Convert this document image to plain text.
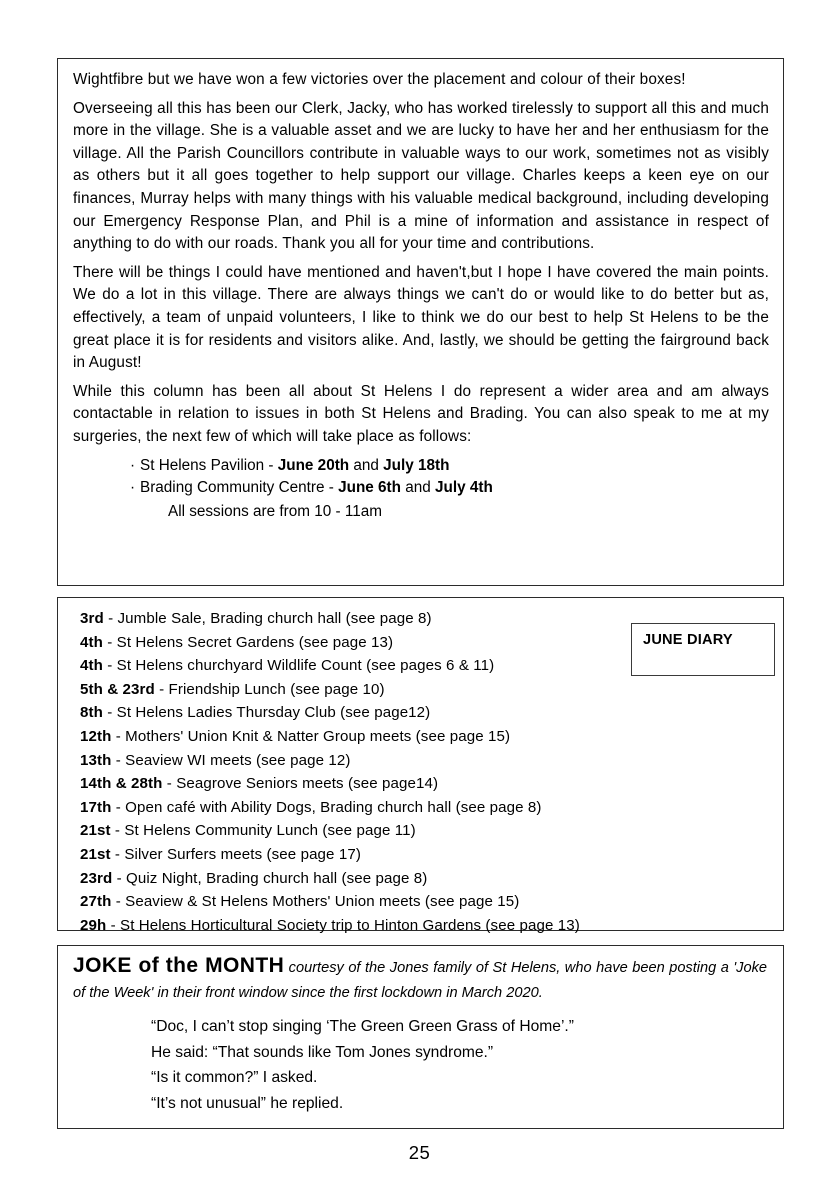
Wightfibre but we have won a few victories over the placement and colour of their boxes!

Overseeing all this has been our Clerk, Jacky, who has worked tirelessly to support all this and much more in the village. She is a valuable asset and we are lucky to have her and her enthusiasm for the village. All the Parish Councillors contribute in valuable ways to our work, sometimes not as visibly as others but it all goes together to help support our village. Charles keeps a keen eye on our finances, Murray helps with many things with his valuable medical background, including developing our Emergency Response Plan, and Phil is a mine of information and assistance in respect of anything to do with our roads. Thank you all for your time and contributions.

There will be things I could have mentioned and haven't,but I hope I have covered the main points. We do a lot in this village. There are always things we can't do or would like to do better but as, effectively, a team of unpaid volunteers, I like to think we do our best to help St Helens to be the great place it is for residents and visitors alike. And, lastly, we should be getting the fairground back in August!

While this column has been all about St Helens I do represent a wider area and am always contactable in relation to issues in both St Helens and Brading. You can also speak to me at my surgeries, the next few of which will take place as follows:

· St Helens Pavilion - June 20th and July 18th
· Brading Community Centre - June 6th and July 4th
All sessions are from 10 - 11am
3rd - Jumble Sale, Brading church hall (see page 8)
4th - St Helens Secret Gardens (see page 13)
4th - St Helens churchyard Wildlife Count (see pages 6 & 11)
5th & 23rd - Friendship Lunch (see page 10)
8th - St Helens Ladies Thursday Club (see page12)
12th - Mothers' Union Knit & Natter Group meets (see page 15)
13th - Seaview WI meets (see page 12)
14th & 28th - Seagrove Seniors meets (see page14)
17th - Open café with Ability Dogs, Brading church hall (see page 8)
21st - St Helens Community Lunch (see page 11)
21st - Silver Surfers meets (see page 17)
23rd - Quiz Night, Brading church hall (see page 8)
27th - Seaview & St Helens Mothers' Union meets (see page 15)
29h - St Helens Horticultural Society trip to Hinton Gardens (see page 13)
JUNE DIARY

JOKE of the MONTH courtesy of the Jones family of St Helens, who have been posting a 'Joke of the Week' in their front window since the first lockdown in March 2020.

“Doc, I can’t stop singing ‘The Green Green Grass of Home’.”
He said: “That sounds like Tom Jones syndrome.”
“Is it common?” I asked.
“It’s not unusual” he replied.
25
